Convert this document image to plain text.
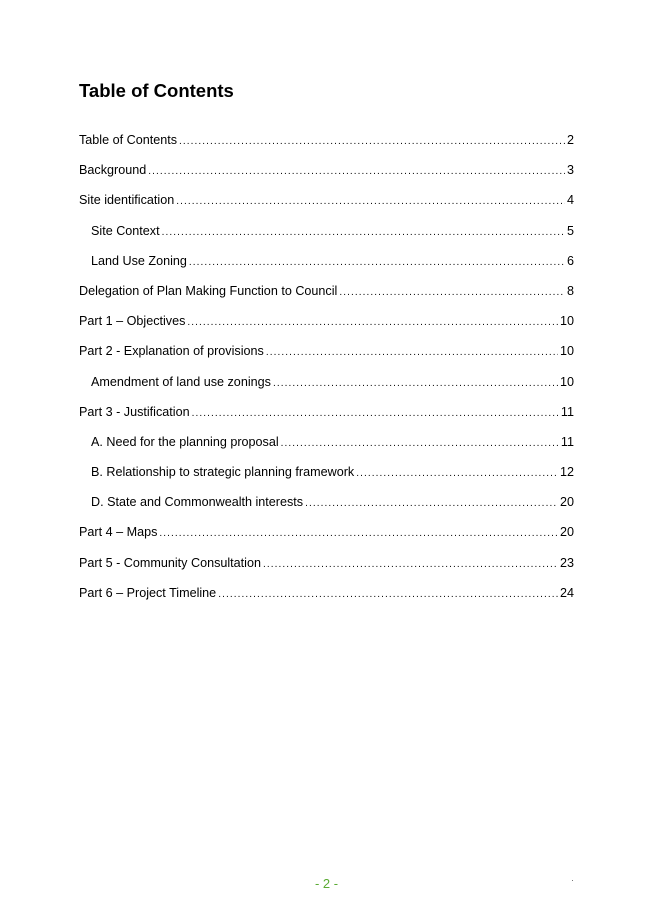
Table of Contents
Table of Contents .....	2
Background .....	3
Site identification .....	4
Site Context .....	5
Land Use Zoning .....	6
Delegation of Plan Making Function to Council .....	8
Part 1 – Objectives .....	10
Part 2 - Explanation of provisions .....	10
Amendment of land use zonings .....	10
Part 3 - Justification .....	11
A. Need for the planning proposal .....	11
B. Relationship to strategic planning framework .....	12
D. State and Commonwealth interests .....	20
Part 4 – Maps .....	20
Part 5 - Community Consultation .....	23
Part 6 – Project Timeline .....	24
- 2 -
